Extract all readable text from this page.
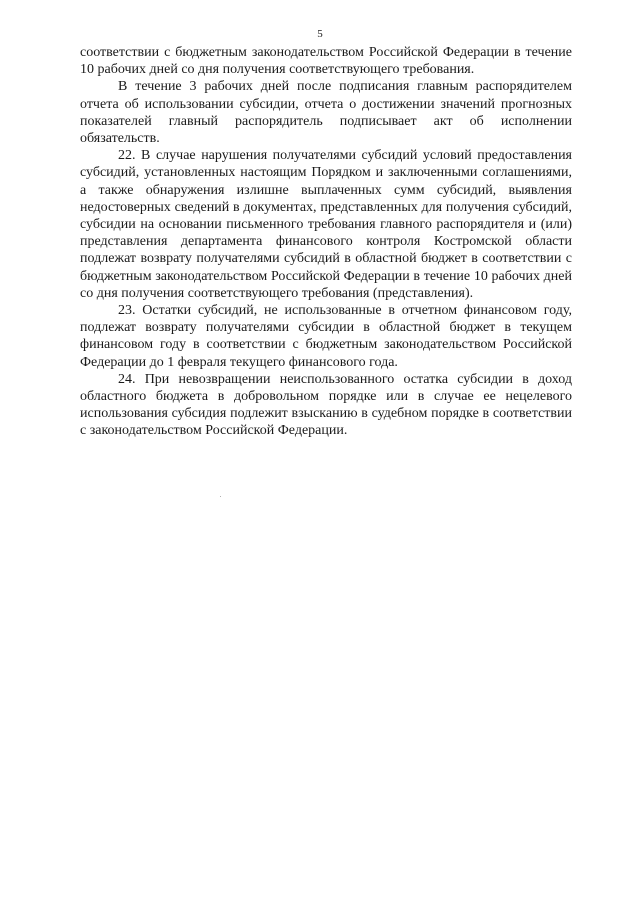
5

соответствии с бюджетным законодательством Российской Федерации в течение 10 рабочих дней со дня получения соответствующего требования.

В течение 3 рабочих дней после подписания главным распорядителем отчета об использовании субсидии, отчета о достижении значений прогнозных показателей главный распорядитель подписывает акт об исполнении обязательств.

22. В случае нарушения получателями субсидий условий предоставления субсидий, установленных настоящим Порядком и заключенными соглашениями, а также обнаружения излишне выплаченных сумм субсидий, выявления недостоверных сведений в документах, представленных для получения субсидий, субсидии на основании письменного требования главного распорядителя и (или) представления департамента финансового контроля Костромской области подлежат возврату получателями субсидий в областной бюджет в соответствии с бюджетным законодательством Российской Федерации в течение 10 рабочих дней со дня получения соответствующего требования (представления).

23. Остатки субсидий, не использованные в отчетном финансовом году, подлежат возврату получателями субсидии в областной бюджет в текущем финансовом году в соответствии с бюджетным законодательством Российской Федерации до 1 февраля текущего финансового года.

24. При невозвращении неиспользованного остатка субсидии в доход областного бюджета в добровольном порядке или в случае ее нецелевого использования субсидия подлежит взысканию в судебном порядке в соответствии с законодательством Российской Федерации.
